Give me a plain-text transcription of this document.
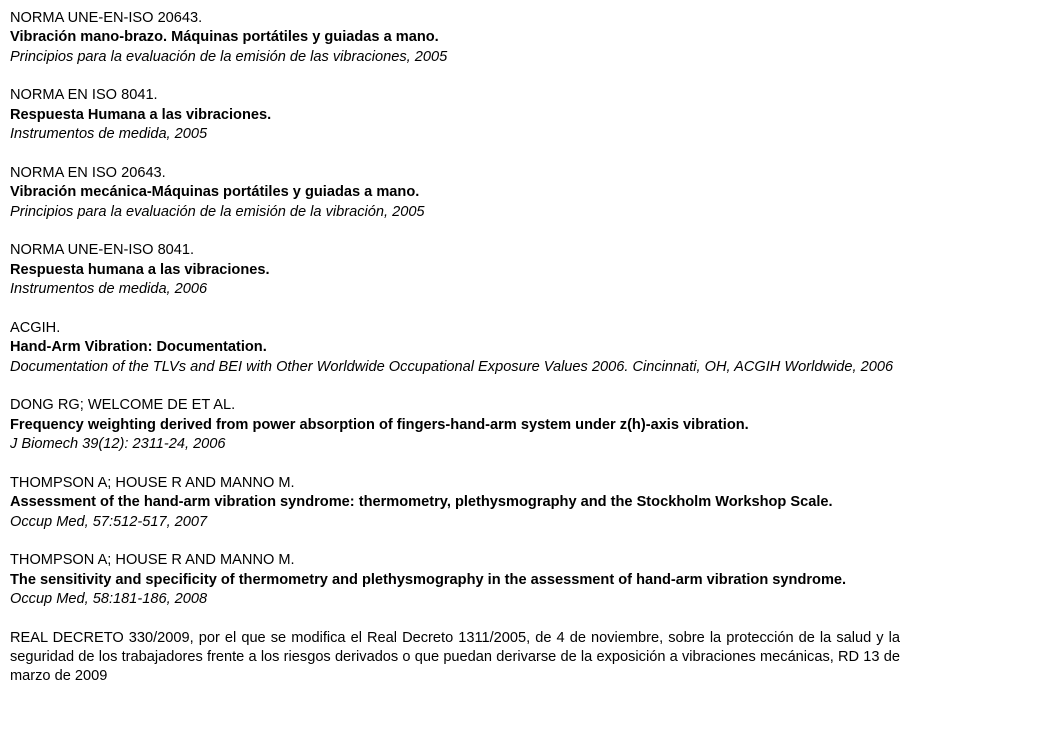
NORMA UNE-EN-ISO 20643.
Vibración mano-brazo. Máquinas portátiles y guiadas a mano.
Principios para la evaluación de la emisión de las vibraciones, 2005
NORMA EN ISO 8041.
Respuesta Humana a las vibraciones.
Instrumentos de medida, 2005
NORMA EN ISO 20643.
Vibración mecánica-Máquinas portátiles y guiadas a mano.
Principios para la evaluación de la emisión de la vibración, 2005
NORMA UNE-EN-ISO 8041.
Respuesta humana a las vibraciones.
Instrumentos de medida, 2006
ACGIH.
Hand-Arm Vibration: Documentation.
Documentation of the TLVs and BEI with Other Worldwide Occupational Exposure Values 2006. Cincinnati, OH, ACGIH Worldwide, 2006
DONG RG; WELCOME DE ET AL.
Frequency weighting derived from power absorption of fingers-hand-arm system under z(h)-axis vibration.
J Biomech 39(12): 2311-24, 2006
THOMPSON A; HOUSE R AND MANNO M.
Assessment of the hand-arm vibration syndrome: thermometry, plethysmography and the Stockholm Workshop Scale.
Occup Med, 57:512-517, 2007
THOMPSON A; HOUSE R AND MANNO M.
The sensitivity and specificity of thermometry and plethysmography in the assessment of hand-arm vibration syndrome.
Occup Med, 58:181-186, 2008
REAL DECRETO 330/2009, por el que se modifica el Real Decreto 1311/2005, de 4 de noviembre, sobre la protección de la salud y la seguridad de los trabajadores frente a los riesgos derivados o que puedan derivarse de la exposición a vibraciones mecánicas, RD 13 de marzo de 2009
